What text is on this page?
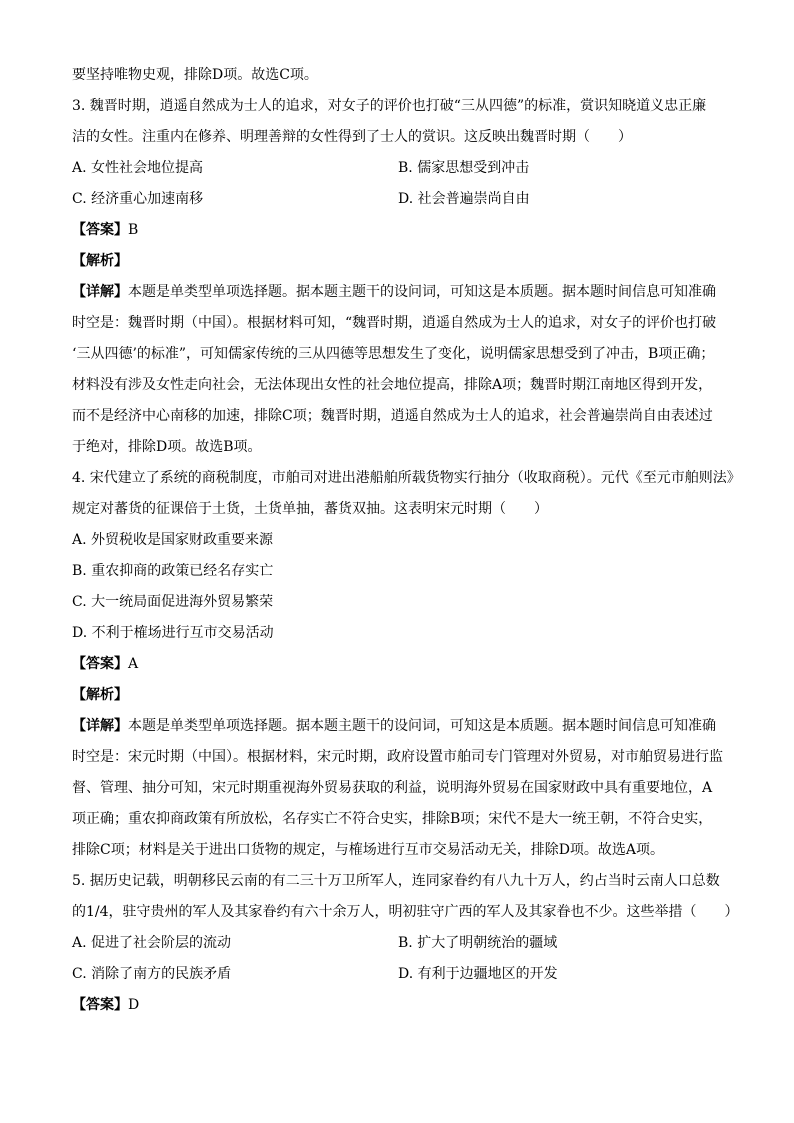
要坚持唯物史观，排除D项。故选C项。
3. 魏晋时期，逍遥自然成为士人的追求，对女子的评价也打破“三从四德”的标准，赏识知晓道义忠正廉
洁的女性。注重内在修养、明理善辩的女性得到了士人的赏识。这反映出魏晋时期（　　）
A. 女性社会地位提高	B. 儒家思想受到冲击
C. 经济重心加速南移	D. 社会普遍崇尚自由
【答案】B
【解析】
【详解】本题是单类型单项选择题。据本题主题干的设问词，可知这是本质题。据本题时间信息可知准确
时空是：魏晋时期（中国）。根据材料可知，“魏晋时期，逍遥自然成为士人的追求，对女子的评价也打破
‘三从四德’的标准”，可知儒家传统的三从四德等思想发生了变化，说明儒家思想受到了冲击，B项正确；
材料没有涉及女性走向社会，无法体现出女性的社会地位提高，排除A项；魏晋时期江南地区得到开发，
而不是经济中心南移的加速，排除C项；魏晋时期，逍遥自然成为士人的追求，社会普遍崇尚自由表述过
于绝对，排除D项。故选B项。
4. 宋代建立了系统的商税制度，市舶司对进出港船舶所载货物实行抽分（收取商税）。元代《至元市舶则法》
规定对蕃货的征课倍于土货，土货单抽，蕃货双抽。这表明宋元时期（　　）
A. 外贸税收是国家财政重要来源
B. 重农抑商的政策已经名存实亡
C. 大一统局面促进海外贸易繁荣
D. 不利于榷场进行互市交易活动
【答案】A
【解析】
【详解】本题是单类型单项选择题。据本题主题干的设问词，可知这是本质题。据本题时间信息可知准确
时空是：宋元时期（中国）。根据材料，宋元时期，政府设置市舶司专门管理对外贸易，对市舶贸易进行监
督、管理、抽分可知，宋元时期重视海外贸易获取的利益，说明海外贸易在国家财政中具有重要地位，A
项正确；重农抑商政策有所放松，名存实亡不符合史实，排除B项；宋代不是大一统王朝，不符合史实，
排除C项；材料是关于进出口货物的规定，与榷场进行互市交易活动无关，排除D项。故选A项。
5. 据历史记载，明朝移民云南的有二三十万卫所军人，连同家眷约有八九十万人，约占当时云南人口总数
的1/4，驻守贵州的军人及其家眷约有六十余万人，明初驻守广西的军人及其家眷也不少。这些举措（　　）
A. 促进了社会阶层的流动	B. 扩大了明朝统治的疆域
C. 消除了南方的民族矛盾	D. 有利于边疆地区的开发
【答案】D
